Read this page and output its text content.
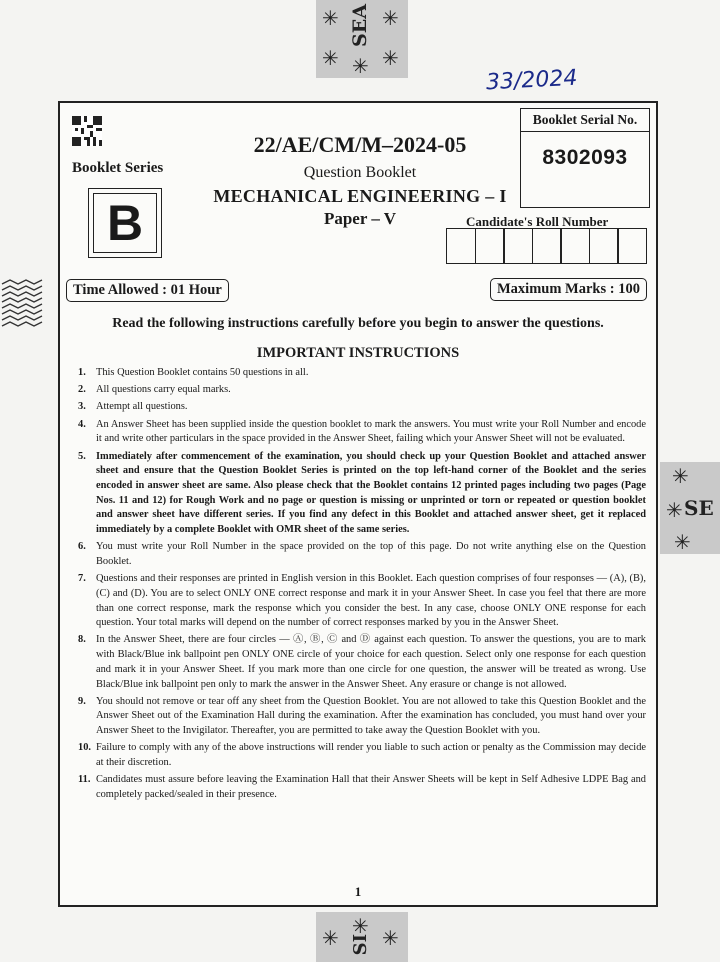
✳ ✳
✳ ✳ ✳
SEA
✳
✳ SE
✳
✳ ✳ ✳
SI
33/2024
Booklet Serial No.
8302093
22/AE/CM/M–2024-05
Question Booklet
MECHANICAL ENGINEERING – I
Paper – V
Booklet Series
B	Candidate's Roll Number
Time Allowed : 01 Hour	Maximum Marks : 100
Read the following instructions carefully before you begin to answer the questions.
IMPORTANT INSTRUCTIONS
1. This Question Booklet contains 50 questions in all.
2. All questions carry equal marks.
3. Attempt all questions.
4. An Answer Sheet has been supplied inside the question booklet to mark the answers. You must write your Roll Number and encode it and write other particulars in the space provided in the Answer Sheet, failing which your Answer Sheet will not be evaluated.
5. Immediately after commencement of the examination, you should check up your Question Booklet and attached answer sheet and ensure that the Question Booklet Series is printed on the top left-hand corner of the Booklet and the series encoded in answer sheet are same. Also please check that the Booklet contains 12 printed pages including two pages (Page Nos. 11 and 12) for Rough Work and no page or question is missing or unprinted or torn or repeated or question booklet and answer sheet have different series. If you find any defect in this Booklet and attached answer sheet, get it replaced immediately by a complete Booklet with OMR sheet of the same series.
6. You must write your Roll Number in the space provided on the top of this page. Do not write anything else on the Question Booklet.
7. Questions and their responses are printed in English version in this Booklet. Each question comprises of four responses — (A), (B), (C) and (D). You are to select ONLY ONE correct response and mark it in your Answer Sheet. In case you feel that there are more than one correct response, mark the response which you consider the best. In any case, choose ONLY ONE response for each question. Your total marks will depend on the number of correct responses marked by you in the Answer Sheet.
8. In the Answer Sheet, there are four circles — Ⓐ, Ⓑ, Ⓒ and Ⓓ against each question. To answer the questions, you are to mark with Black/Blue ink ballpoint pen ONLY ONE circle of your choice for each question. Select only one response for each question and mark it in your Answer Sheet. If you mark more than one circle for one question, the answer will be treated as wrong. Use Black/Blue ink ballpoint pen only to mark the answer in the Answer Sheet. Any erasure or change is not allowed.
9. You should not remove or tear off any sheet from the Question Booklet. You are not allowed to take this Question Booklet and the Answer Sheet out of the Examination Hall during the examination. After the examination has concluded, you must hand over your Answer Sheet to the Invigilator. Thereafter, you are permitted to take away the Question Booklet with you.
10. Failure to comply with any of the above instructions will render you liable to such action or penalty as the Commission may decide at their discretion.
11. Candidates must assure before leaving the Examination Hall that their Answer Sheets will be kept in Self Adhesive LDPE Bag and completely packed/sealed in their presence.
1
